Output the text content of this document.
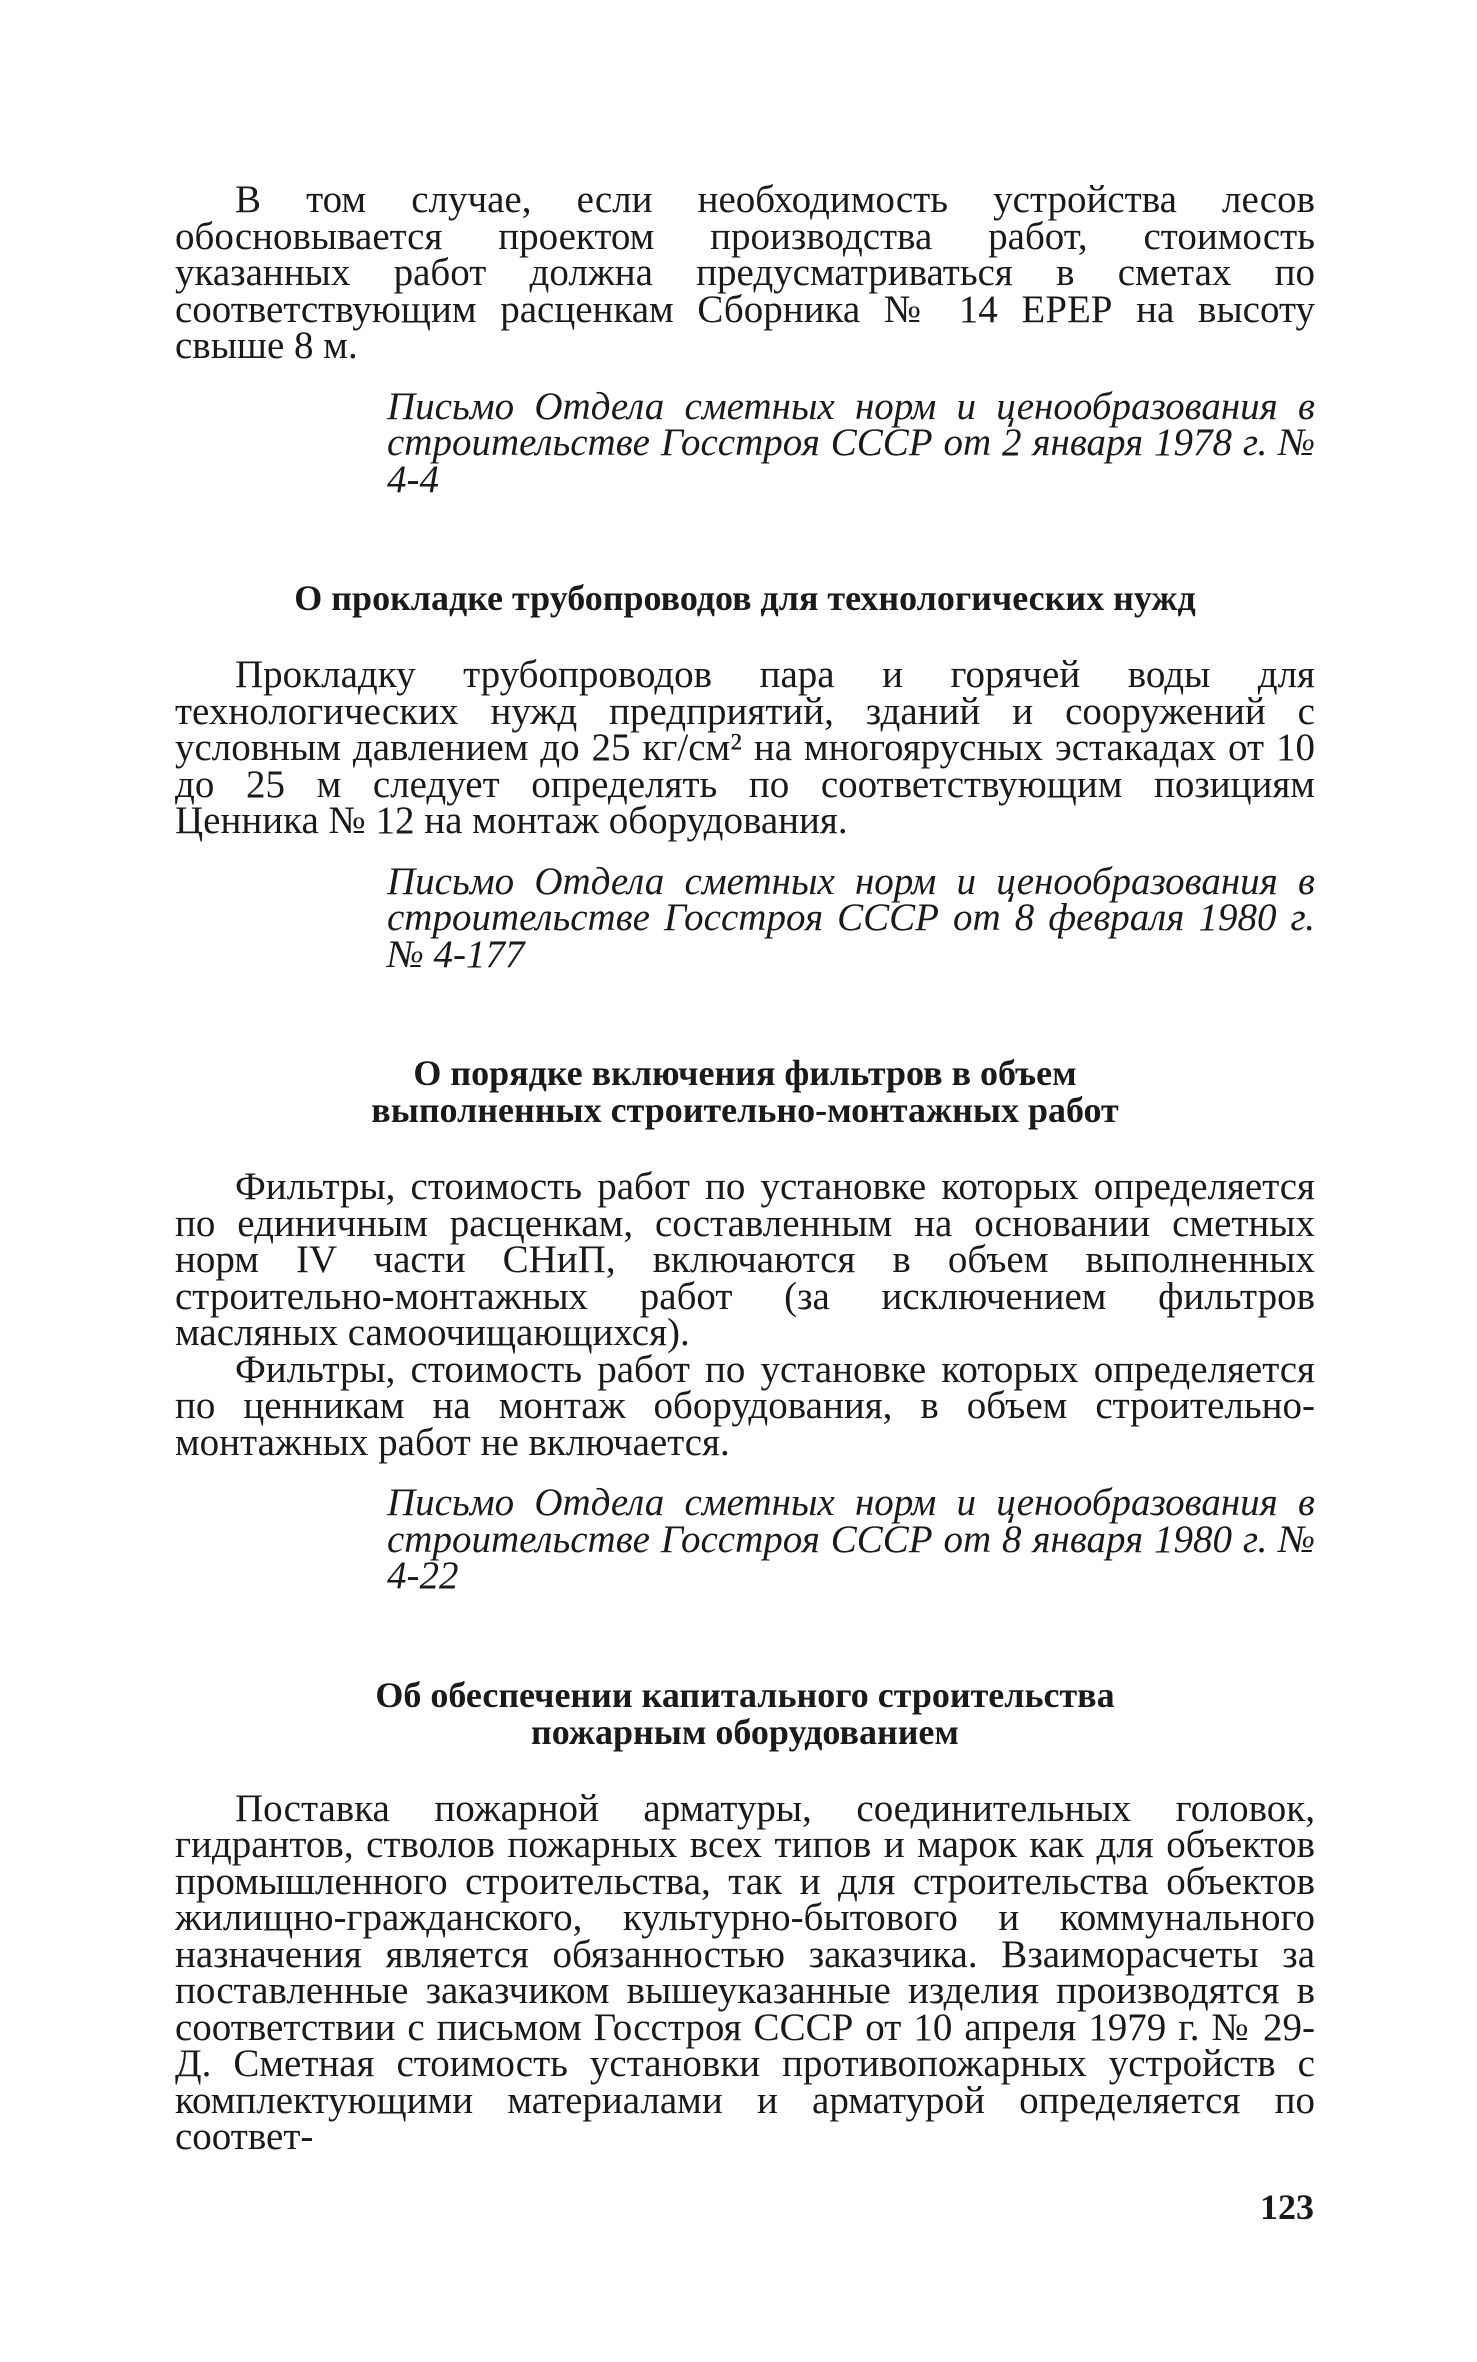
В том случае, если необходимость устройства лесов обосновывается проектом производства работ, стоимость указанных работ должна предусматриваться в сметах по соответствующим расценкам Сборника № 14 ЕРЕР на высоту свыше 8 м.

Письмо Отдела сметных норм и ценообразования в строительстве Госстроя СССР от 2 января 1978 г. № 4-4

О прокладке трубопроводов для технологических нужд

Прокладку трубопроводов пара и горячей воды для технологических нужд предприятий, зданий и сооружений с условным давлением до 25 кг/см² на многоярусных эстакадах от 10 до 25 м следует определять по соответствующим позициям Ценника № 12 на монтаж оборудования.

Письмо Отдела сметных норм и ценообразования в строительстве Госстроя СССР от 8 февраля 1980 г. № 4-177

О порядке включения фильтров в объем

выполненных строительно-монтажных работ

Фильтры, стоимость работ по установке которых определяется по единичным расценкам, составленным на основании сметных норм IV части СНиП, включаются в объем выполненных строительно-монтажных работ (за исключением фильтров масляных самоочищающихся).

Фильтры, стоимость работ по установке которых определяется по ценникам на монтаж оборудования, в объем строительно-монтажных работ не включается.

Письмо Отдела сметных норм и ценообразования в строительстве Госстроя СССР от 8 января 1980 г. № 4-22

Об обеспечении капитального строительства

пожарным оборудованием

Поставка пожарной арматуры, соединительных головок, гидрантов, стволов пожарных всех типов и марок как для объектов промышленного строительства, так и для строительства объектов жилищно-гражданского, культурно-бытового и коммунального назначения является обязанностью заказчика. Взаиморасчеты за поставленные заказчиком вышеуказанные изделия производятся в соответствии с письмом Госстроя СССР от 10 апреля 1979 г. № 29-Д. Сметная стоимость установки противопожарных устройств с комплектующими материалами и арматурой определяется по соответ-

123
